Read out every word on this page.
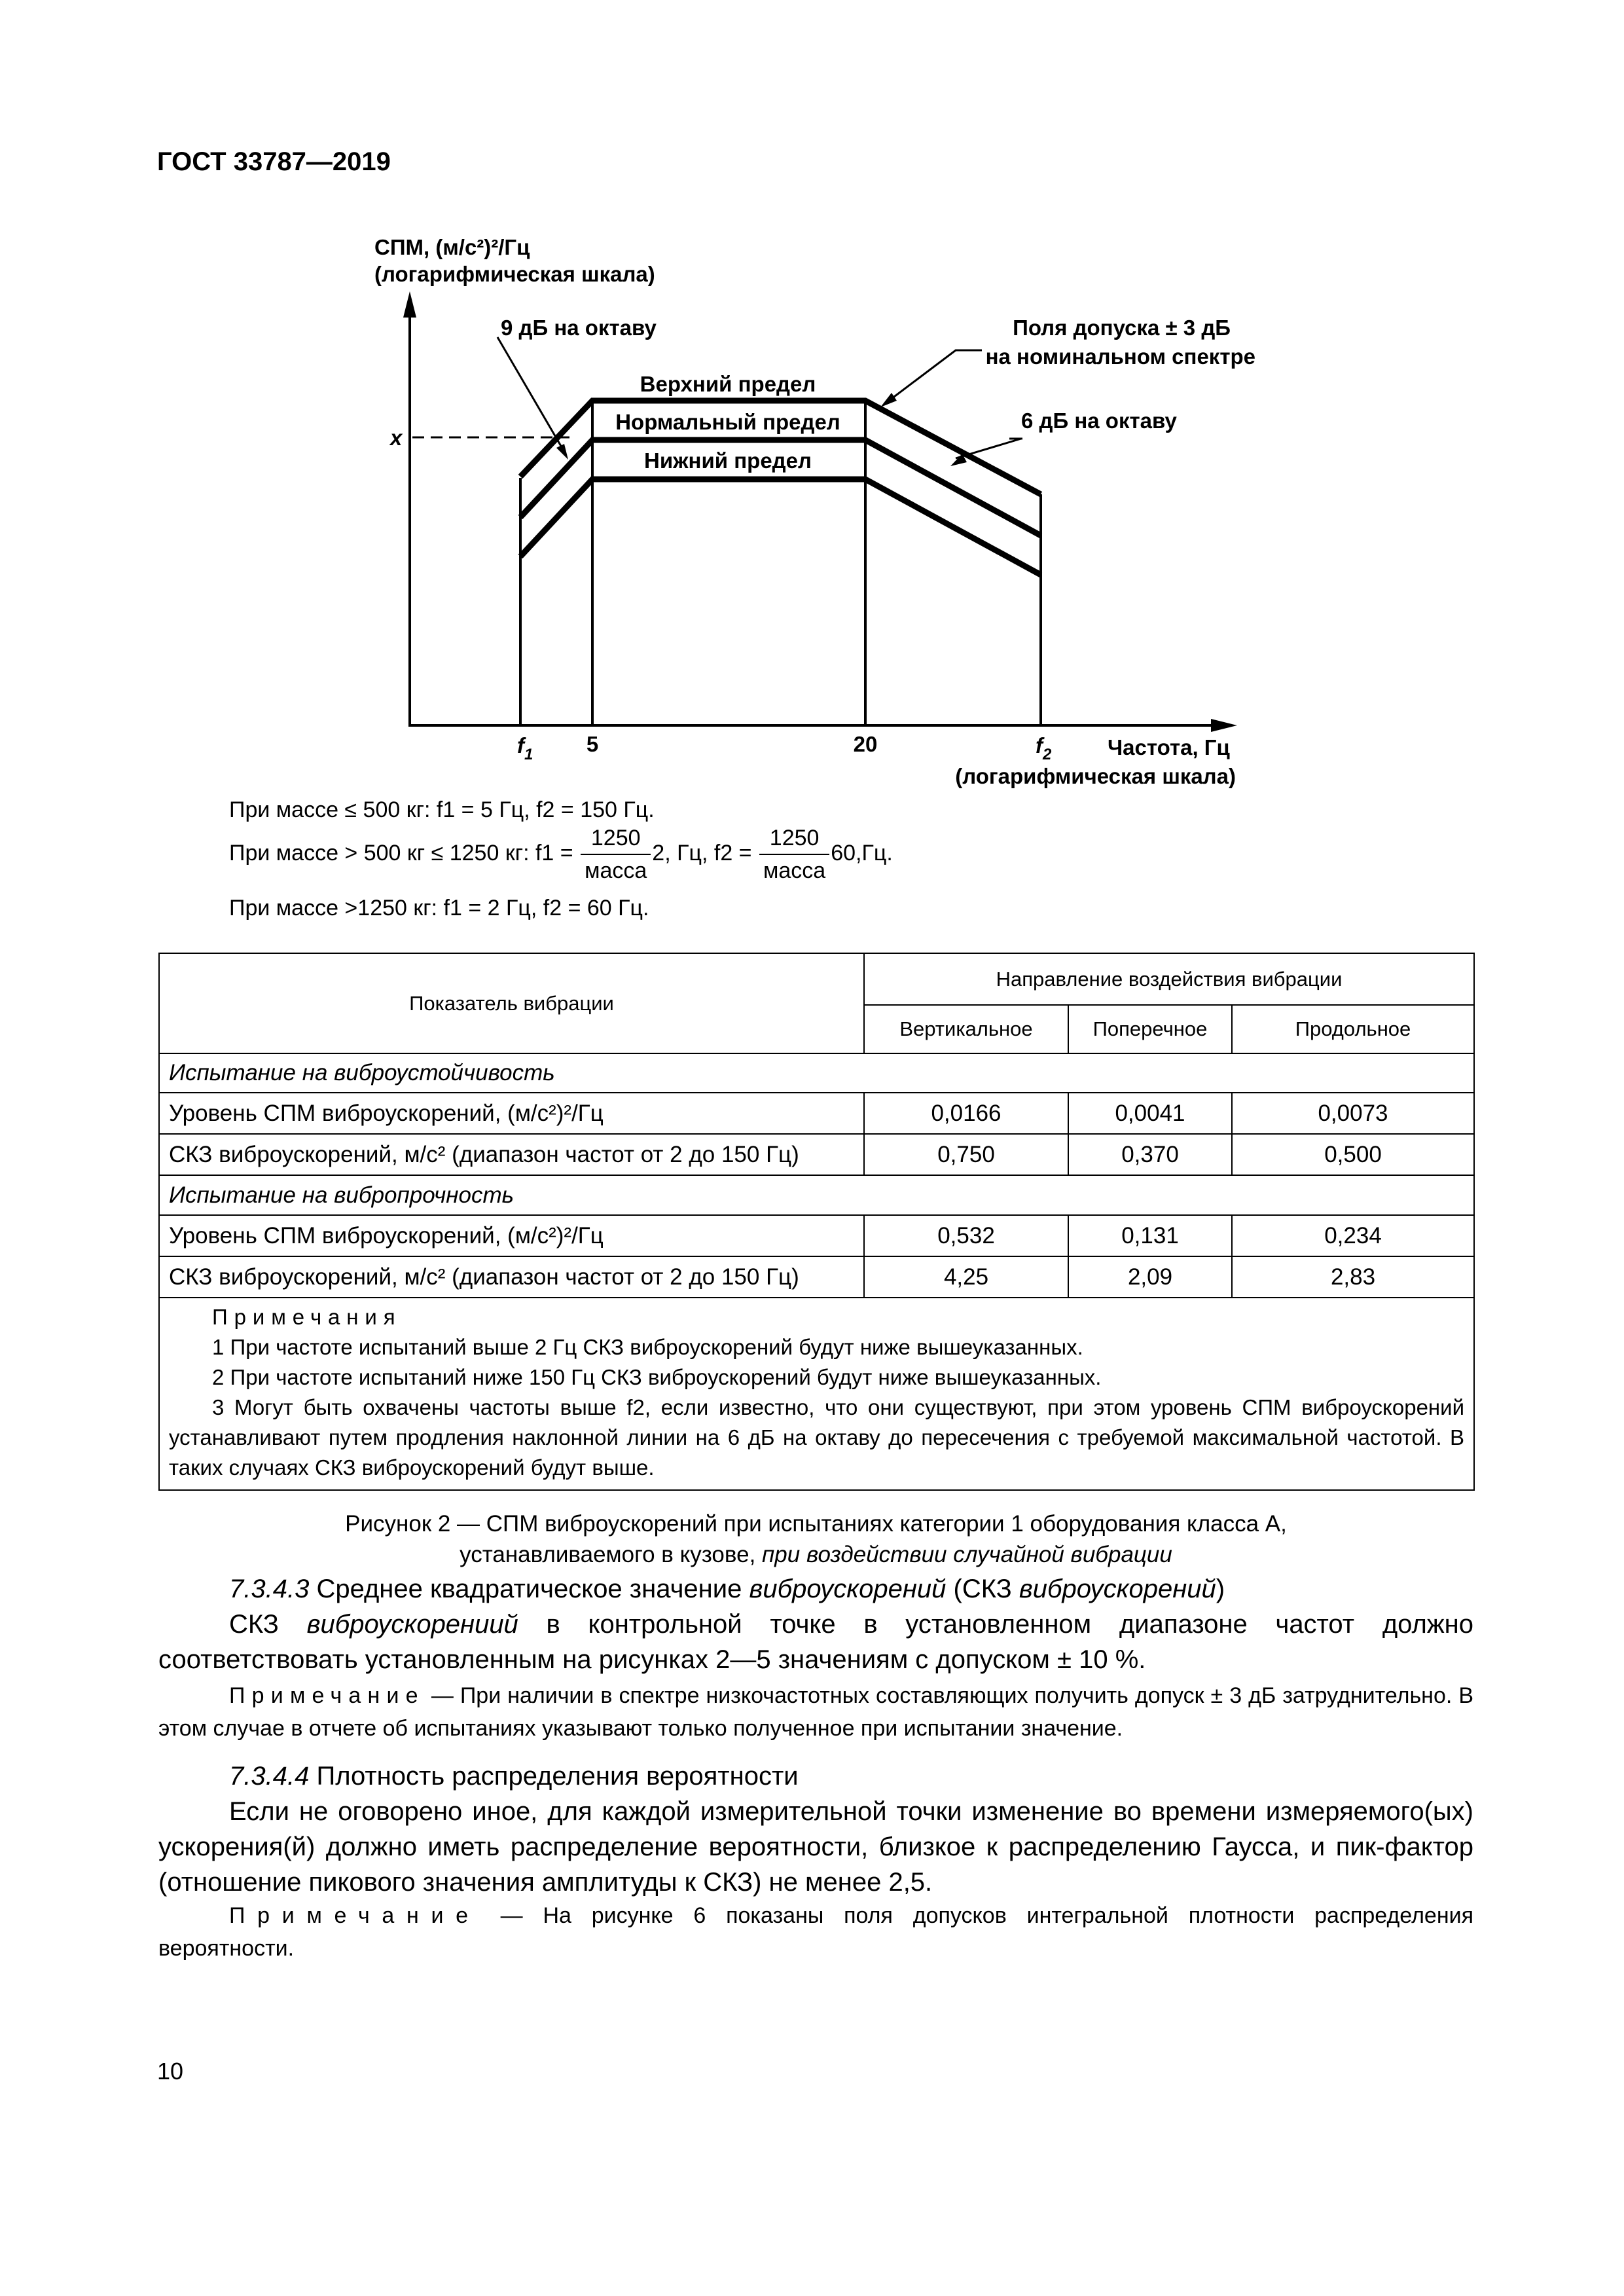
ГОСТ 33787—2019
СПМ, (м/с²)²/Гц
(логарифмическая шкала)
x
9 дБ на октаву	Поля допуска ± 3 дБ
на номинальном спектре
Верхний предел
Нормальный предел
Нижний предел
6 дБ на октаву
$f_1$ 5	20	$f_2$	Частота, Гц
(логарифмическая шкала)
При массе ≤ 500 кг: f1 = 5 Гц, f2 = 150 Гц.
При массе > 500 кг ≤ 1250 кг: $f1 = \frac{1250}{\text{масса}} 2$, Гц, $f2 = \frac{1250}{\text{масса}} 60,Гц$.
При массе >1250 кг: f1 = 2 Гц, f2 = 60 Гц.
Показатель вибрации	Направление воздействия вибрации		
	Вертикальное	Поперечное	Продольное
Испытание на виброустойчивость			
Уровень СПМ виброускорений, (м/с²)²/Гц	0,0166	0,0041	0,0073
СКЗ виброускорений, м/с² (диапазон частот от 2 до 150 Гц)	0,750	0,370	0,500
Испытание на вибропрочность			
Уровень СПМ виброускорений, (м/с²)²/Гц	0,532	0,131	0,234
СКЗ виброускорений, м/с² (диапазон частот от 2 до 150 Гц)	4,25	2,09	2,83

Примечания

1 При частоте испытаний выше 2 Гц СКЗ виброускорений будут ниже вышеуказанных.

2 При частоте испытаний ниже 150 Гц СКЗ виброускорений будут ниже вышеуказанных.

3 Могут быть охвачены частоты выше f2, если известно, что они существуют, при этом уровень СПМ виброускорений устанавливают путем продления наклонной линии на 6 дБ на октаву до пересечения с требуемой максимальной частотой. В таких случаях СКЗ виброускорений будут выше.			

Рисунок 2 — СПМ виброускорений при испытаниях категории 1 оборудования класса А,
устанавливаемого в кузове, при воздействии случайной вибрации

7.3.4.3 Среднее квадратическое значение виброускорений (СКЗ виброускорений)

СКЗ виброускорениий в контрольной точке в установленном диапазоне частот должно соответствовать установленным на рисунках 2—5 значениям с допуском ± 10 %.

Примечание — При наличии в спектре низкочастотных составляющих получить допуск ± 3 дБ затруднительно. В этом случае в отчете об испытаниях указывают только полученное при испытании значение.

7.3.4.4 Плотность распределения вероятности

Если не оговорено иное, для каждой измерительной точки изменение во времени измеряемого(ых) ускорения(й) должно иметь распределение вероятности, близкое к распределению Гаусса, и пик-фактор (отношение пикового значения амплитуды к СКЗ) не менее 2,5.

Примечание — На рисунке 6 показаны поля допусков интегральной плотности распределения вероятности.

10
